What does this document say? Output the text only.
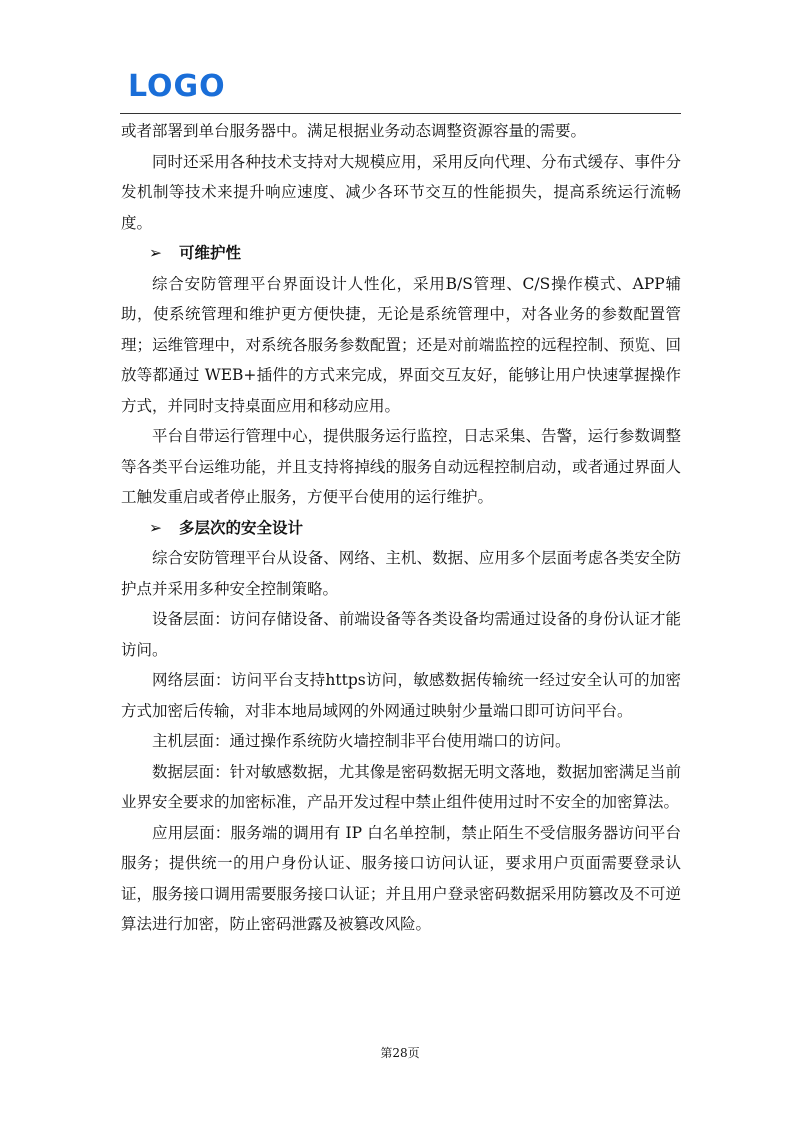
LOGO

或者部署到单台服务器中。满足根据业务动态调整资源容量的需要。

同时还采用各种技术支持对大规模应用，采用反向代理、分布式缓存、事件分发机制等技术来提升响应速度、减少各环节交互的性能损失，提高系统运行流畅度。

➢ 可维护性

综合安防管理平台界面设计人性化，采用B/S管理、C/S操作模式、APP辅助，使系统管理和维护更方便快捷，无论是系统管理中，对各业务的参数配置管理；运维管理中，对系统各服务参数配置；还是对前端监控的远程控制、预览、回放等都通过 WEB+插件的方式来完成，界面交互友好，能够让用户快速掌握操作方式，并同时支持桌面应用和移动应用。

平台自带运行管理中心，提供服务运行监控，日志采集、告警，运行参数调整等各类平台运维功能，并且支持将掉线的服务自动远程控制启动，或者通过界面人工触发重启或者停止服务，方便平台使用的运行维护。

➢ 多层次的安全设计

综合安防管理平台从设备、网络、主机、数据、应用多个层面考虑各类安全防护点并采用多种安全控制策略。

设备层面：访问存储设备、前端设备等各类设备均需通过设备的身份认证才能访问。

网络层面：访问平台支持https访问，敏感数据传输统一经过安全认可的加密方式加密后传输，对非本地局域网的外网通过映射少量端口即可访问平台。

主机层面：通过操作系统防火墙控制非平台使用端口的访问。

数据层面：针对敏感数据，尤其像是密码数据无明文落地，数据加密满足当前业界安全要求的加密标准，产品开发过程中禁止组件使用过时不安全的加密算法。

应用层面：服务端的调用有 IP 白名单控制，禁止陌生不受信服务器访问平台服务；提供统一的用户身份认证、服务接口访问认证，要求用户页面需要登录认证，服务接口调用需要服务接口认证；并且用户登录密码数据采用防篡改及不可逆算法进行加密，防止密码泄露及被篡改风险。

第28页
